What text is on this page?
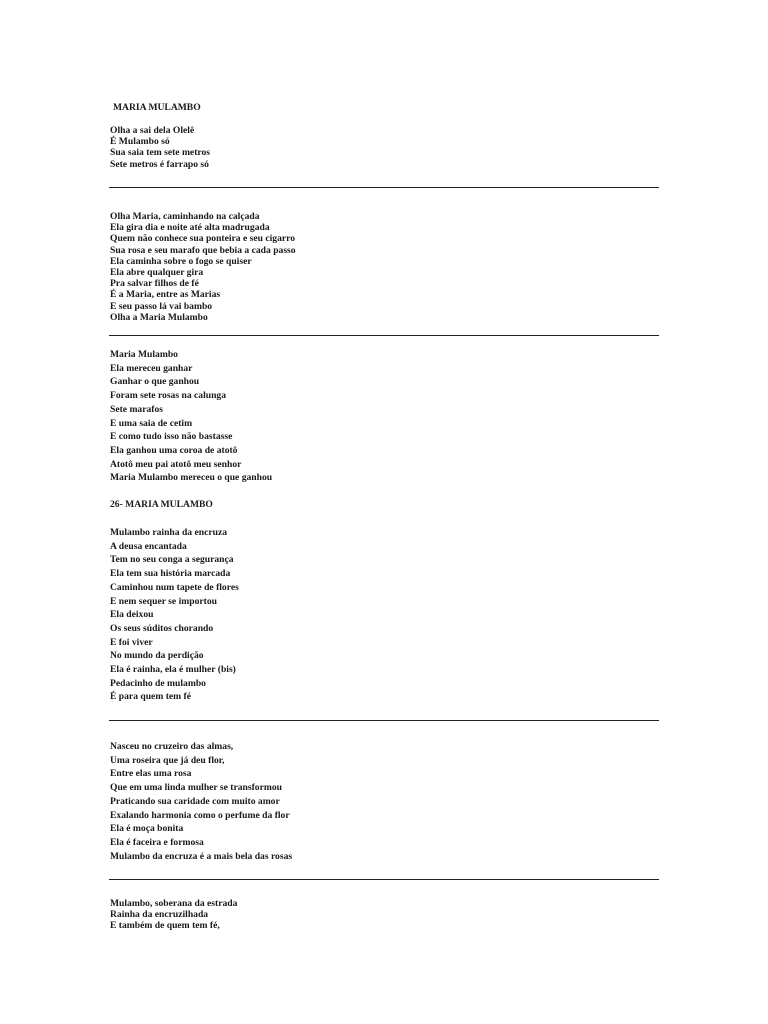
MARIA MULAMBO
Olha a sai dela Olelê
É Mulambo só
Sua saia tem sete metros
Sete metros é farrapo só
Olha Maria, caminhando na calçada
Ela gira dia e noite até alta madrugada
Quem não conhece sua ponteira e seu cigarro
Sua rosa e seu marafo que bebia a cada passo
Ela caminha sobre o fogo se quiser
Ela abre qualquer gira
Pra salvar filhos de fé
É a Maria, entre as Marias
E seu passo lá vai bambo
Olha a Maria Mulambo
Maria Mulambo
Ela mereceu ganhar
Ganhar o que ganhou
Foram sete rosas na calunga
Sete marafos
E uma saia de cetim
E como tudo isso não bastasse
Ela ganhou uma coroa de atotô
Atotô meu pai atotô meu senhor
Maria Mulambo mereceu o que ganhou
26- MARIA MULAMBO
Mulambo rainha da encruza
A deusa encantada
Tem no seu conga a segurança
Ela tem sua história marcada
Caminhou num tapete de flores
E nem sequer se importou
Ela deixou
Os seus súditos chorando
E foi viver
No mundo da perdição
Ela é rainha, ela é mulher (bis)
Pedacinho de mulambo
É para quem tem fé
Nasceu no cruzeiro das almas,
Uma roseira que já deu flor,
Entre elas uma rosa
Que em uma linda mulher se transformou
Praticando sua caridade com muito amor
Exalando harmonia como o perfume da flor
Ela é moça bonita
Ela é faceira e formosa
Mulambo da encruza é a mais bela das rosas
Mulambo, soberana da estrada
Rainha da encruzilhada
E também de quem tem fé,
